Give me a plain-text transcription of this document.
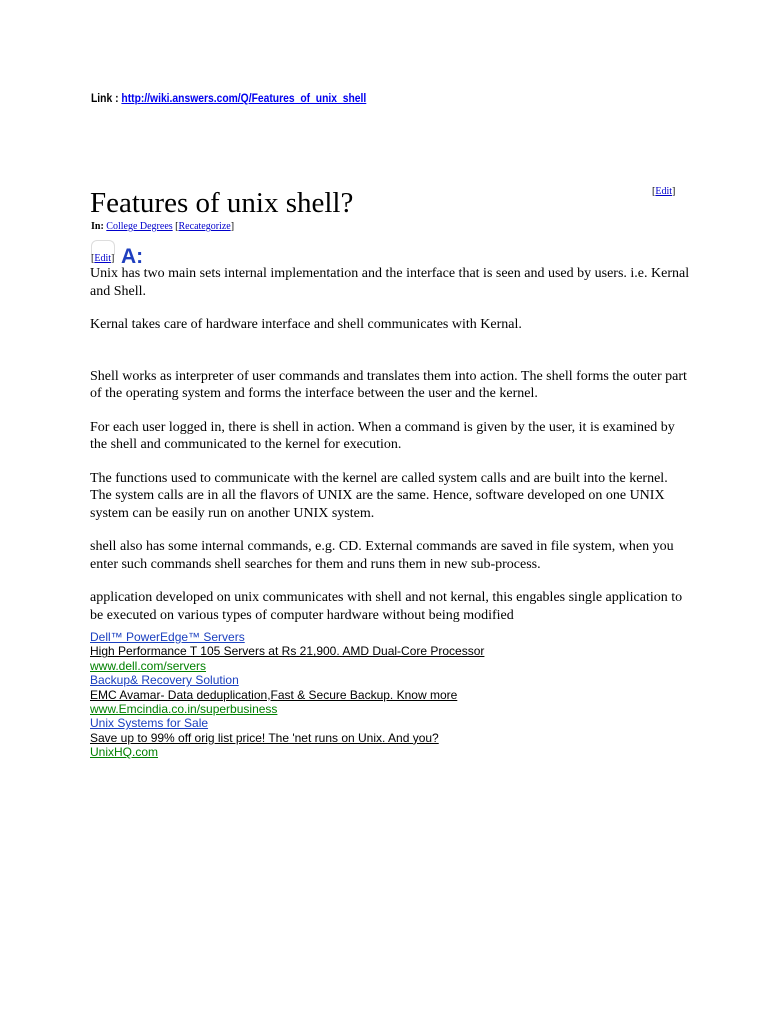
Link : http://wiki.answers.com/Q/Features_of_unix_shell
[Edit]
Features of unix shell?
In: College Degrees [Recategorize]
[Edit] A:

Unix has two main sets internal implementation and the interface that is seen and used by users. i.e. Kernal and Shell.

Kernal takes care of hardware interface and shell communicates with Kernal.

Shell works as interpreter of user commands and translates them into action. The shell forms the outer part of the operating system and forms the interface between the user and the kernel.

For each user logged in, there is shell in action. When a command is given by the user, it is examined by the shell and communicated to the kernel for execution.

The functions used to communicate with the kernel are called system calls and are built into the kernel. The system calls are in all the flavors of UNIX are the same. Hence, software developed on one UNIX system can be easily run on another UNIX system.

shell also has some internal commands, e.g. CD. External commands are saved in file system, when you enter such commands shell searches for them and runs them in new sub-process.

application developed on unix communicates with shell and not kernal, this engables single application to be executed on various types of computer hardware without being modified

Dell™ PowerEdge™ Servers
High Performance T 105 Servers at Rs 21,900. AMD Dual-Core Processor
www.dell.com/servers
Backup& Recovery Solution
EMC Avamar- Data deduplication,Fast & Secure Backup. Know more
www.Emcindia.co.in/superbusiness
Unix Systems for Sale
Save up to 99% off orig list price! The 'net runs on Unix. And you?
UnixHQ.com
